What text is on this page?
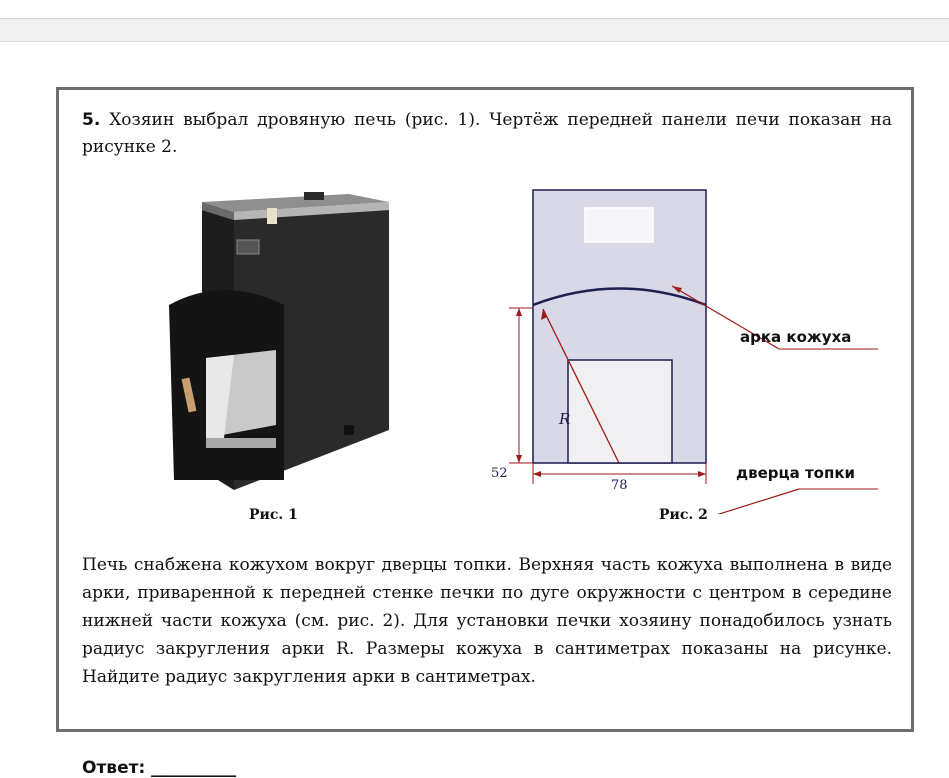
5. Хозяин выбрал дровяную печь (рис. 1). Чертёж передней панели печи показан на рисунке 2.

Рис. 1
арка кожуха
дверца топки
R
52
78
Рис. 2

Печь снабжена кожухом вокруг дверцы топки. Верхняя часть кожуха выполнена в виде арки, приваренной к передней стенке печки по дуге окружности с центром в середине нижней части кожуха (см. рис. 2). Для установки печки хозяину понадобилось узнать радиус закругления арки R. Размеры кожуха в сантиметрах показаны на рисунке. Найдите радиус закругления арки в сантиметрах.

Ответ: __________
